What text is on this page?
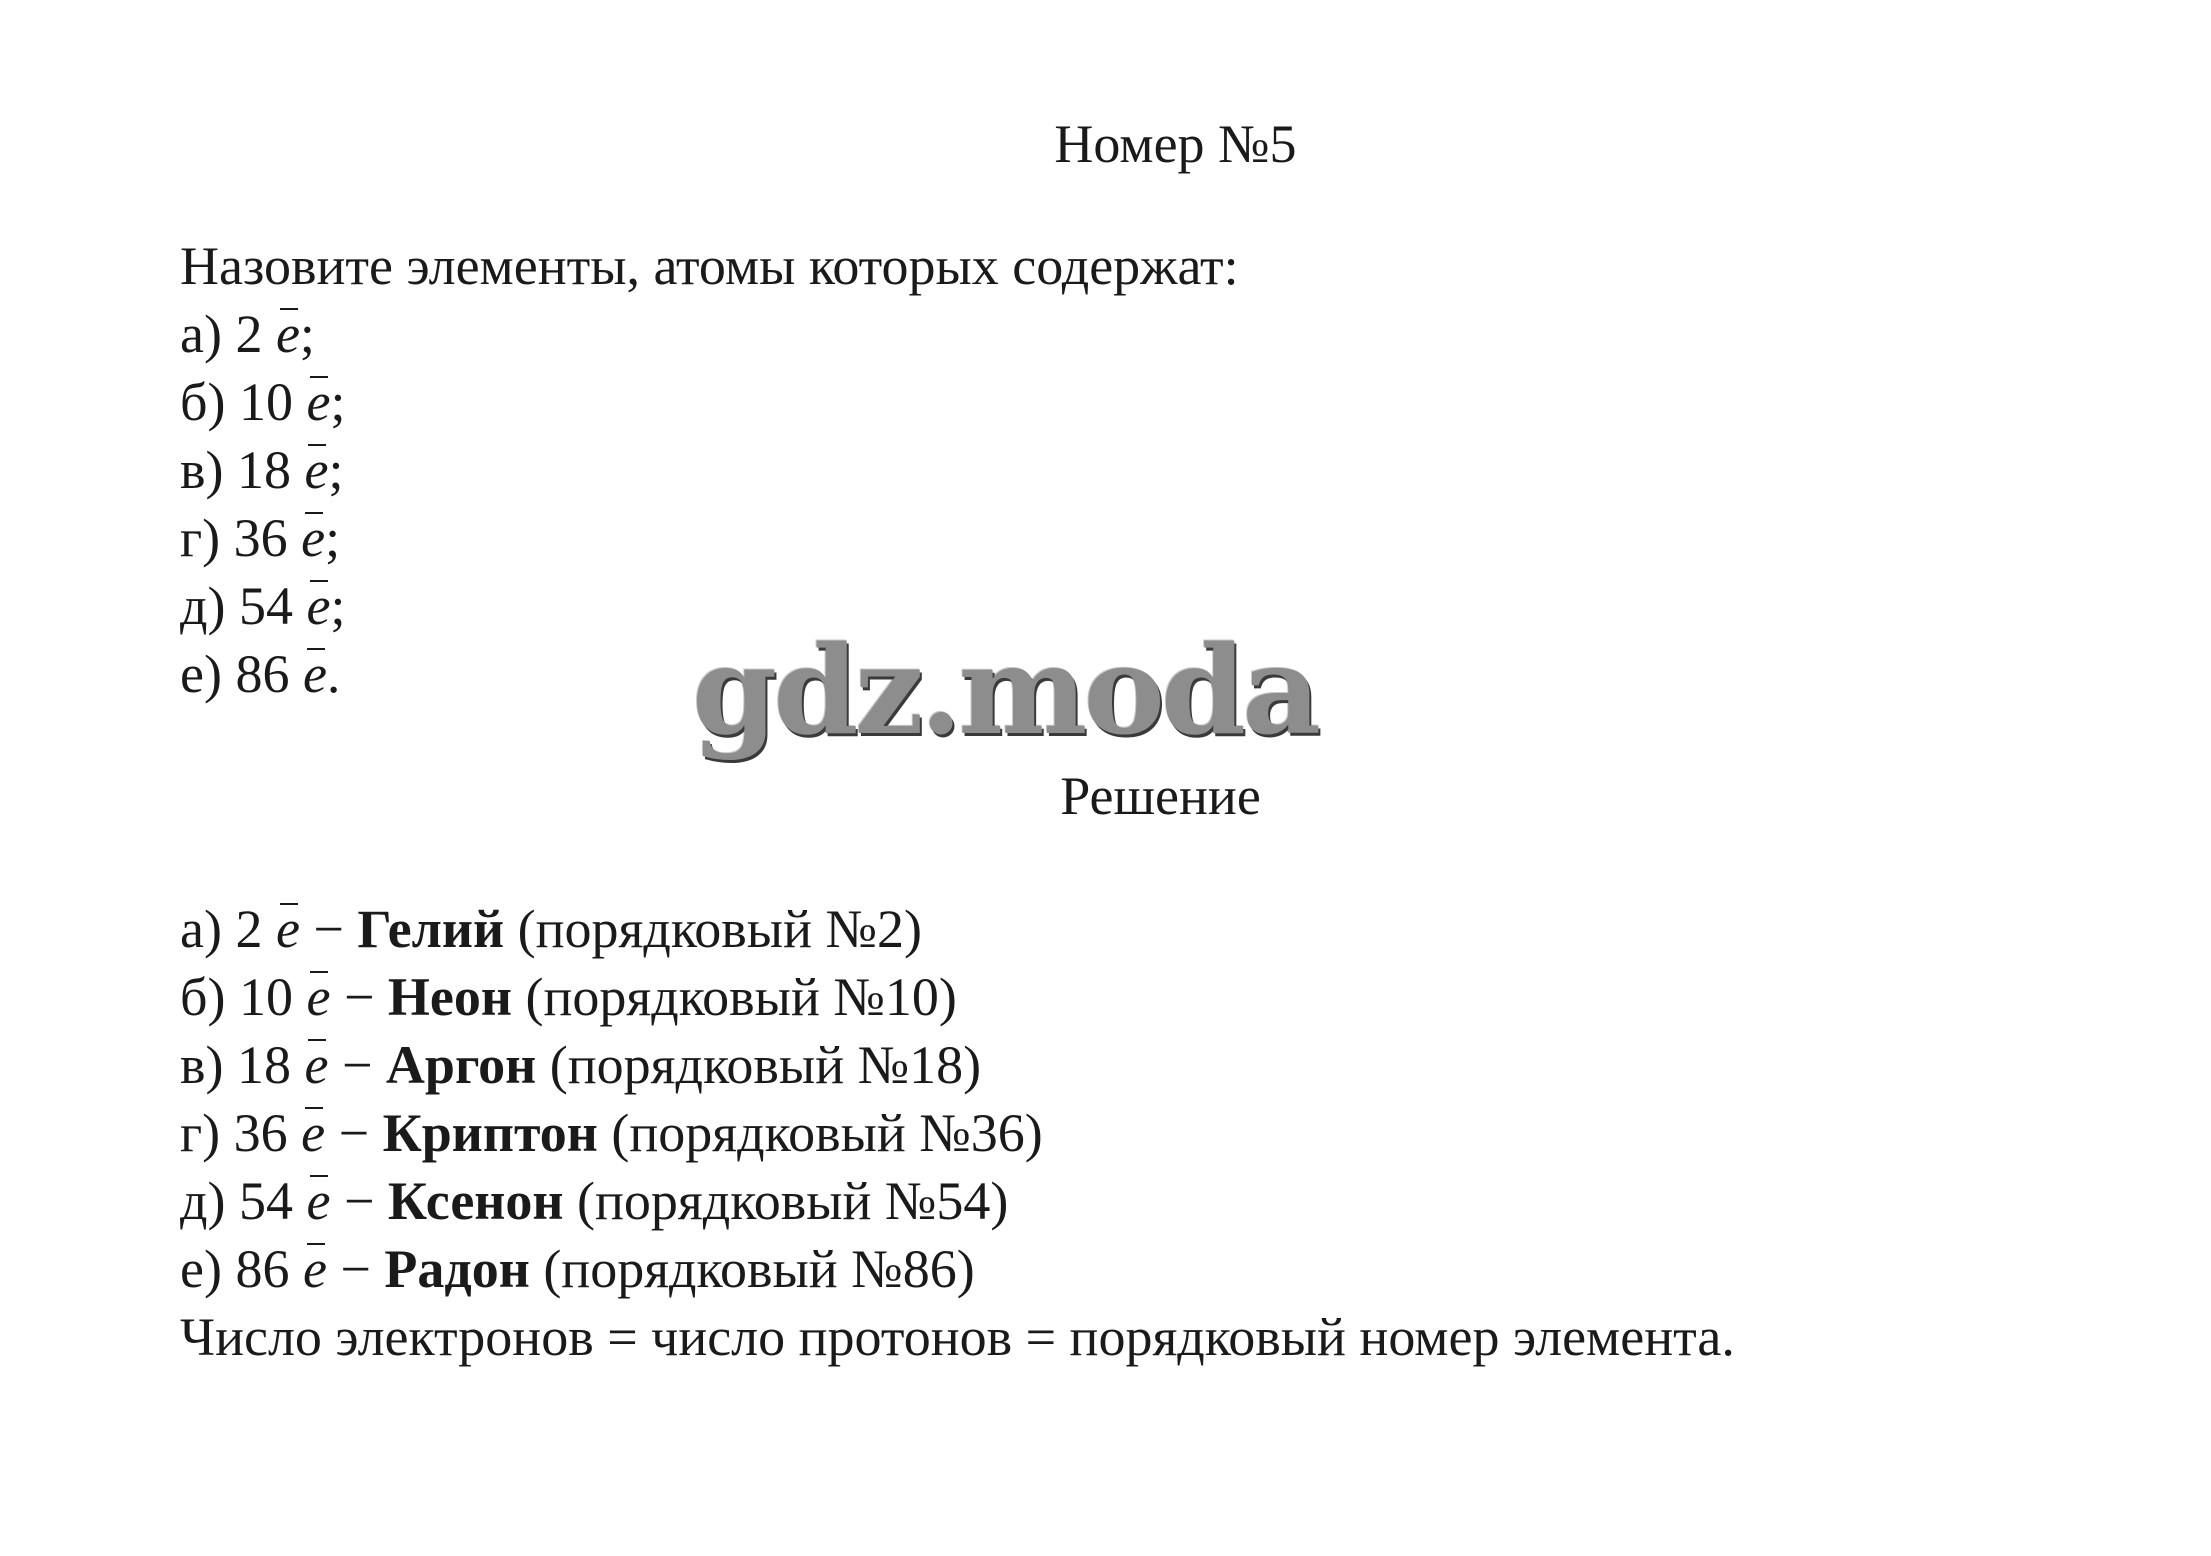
Номер №5
Назовите элементы, атомы которых содержат:
а) 2 e;
б) 10 e;
в) 18 e;
г) 36 e;
д) 54 e;
е) 86 e.	gdz.moda
Решение
а) 2 e − Гелий (порядковый №2)
б) 10 e − Неон (порядковый №10)
в) 18 e − Аргон (порядковый №18)
г) 36 e − Криптон (порядковый №36)
д) 54 e − Ксенон (порядковый №54)
е) 86 e − Радон (порядковый №86)
Число электронов = число протонов = порядковый номер элемента.
